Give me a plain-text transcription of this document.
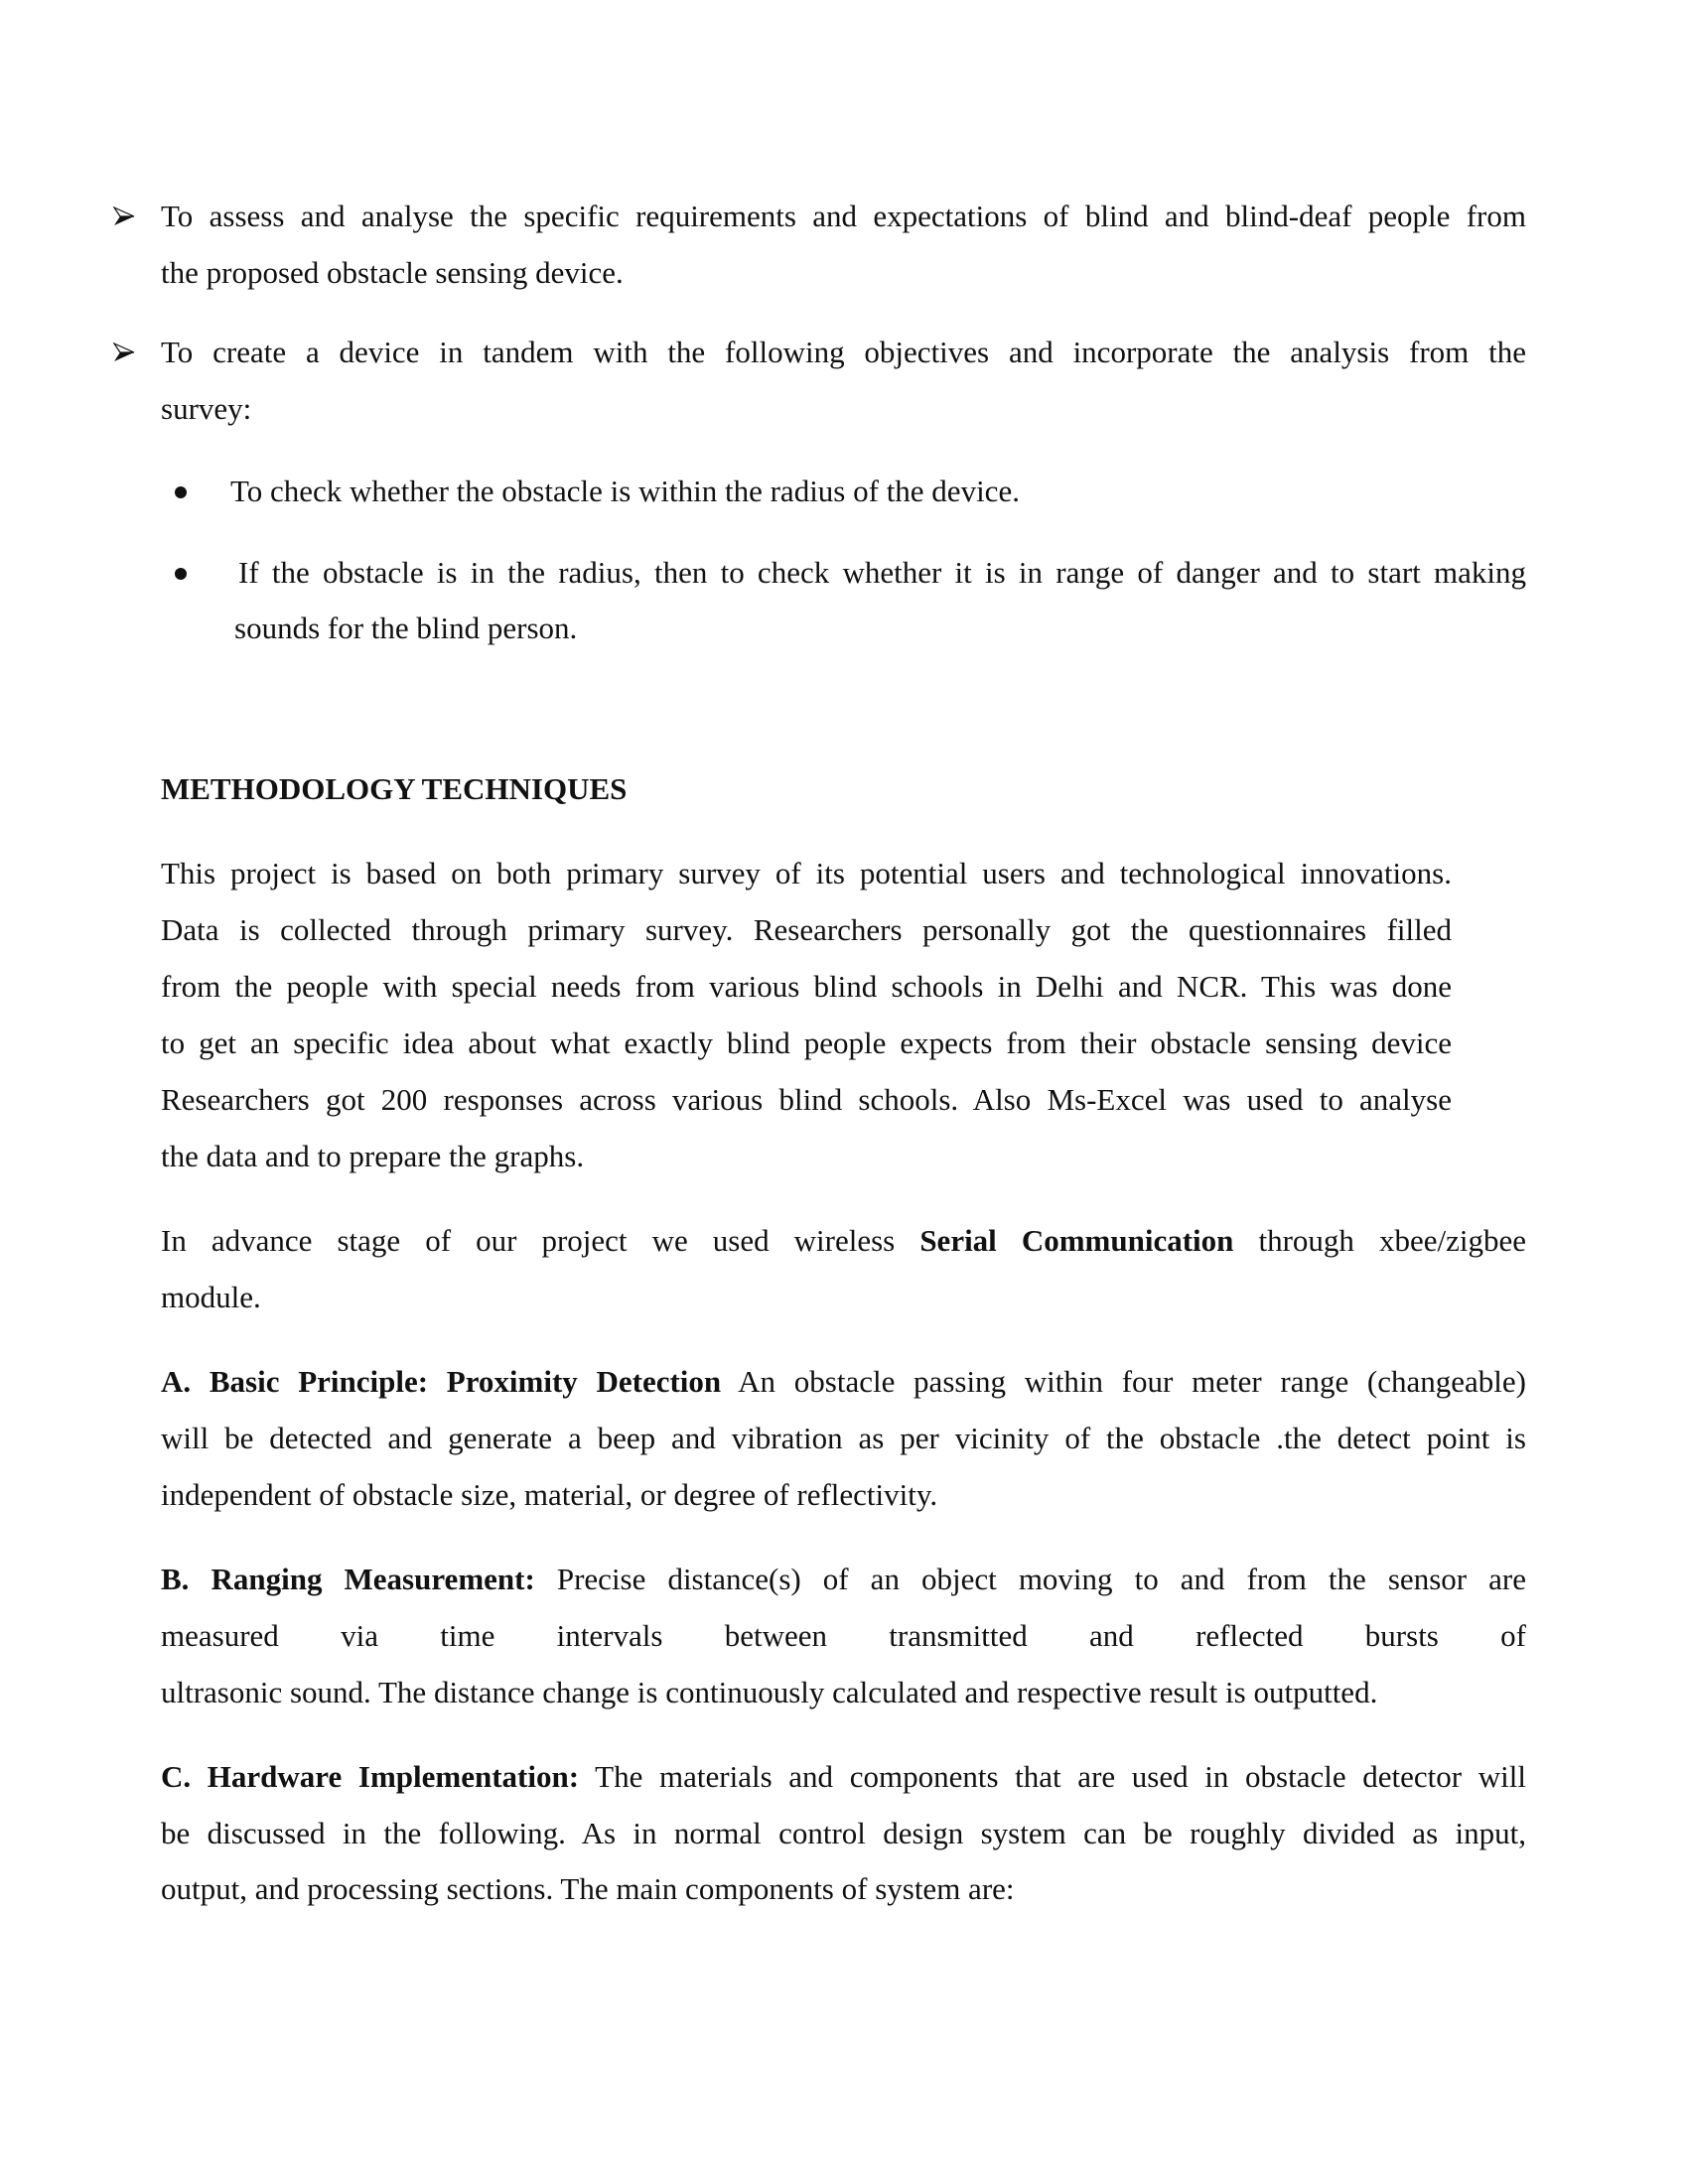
To assess and analyse the specific requirements and expectations of blind and blind-deaf people from
the proposed obstacle sensing device.
To create a device in tandem with the following objectives and incorporate the analysis from the
survey:
To check whether the obstacle is within the radius of the device.
If the obstacle is in the radius, then to check whether it is in range of danger and to start making
sounds for the blind person.
METHODOLOGY TECHNIQUES
This project is based on both primary survey of its potential users and technological innovations.
Data is collected through primary survey. Researchers personally got the questionnaires filled
from the people with special needs from various blind schools in Delhi and NCR. This was done
to get an specific idea about what exactly blind people expects from their obstacle sensing device
Researchers got 200 responses across various blind schools. Also Ms-Excel was used to analyse
the data and to prepare the graphs.
In advance stage of our project we used wireless Serial Communication through xbee/zigbee
module.
A. Basic Principle: Proximity Detection An obstacle passing within four meter range (changeable)
will be detected and generate a beep and vibration as per vicinity of the obstacle .the detect point is
independent of obstacle size, material, or degree of reflectivity.
B. Ranging Measurement: Precise distance(s) of an object moving to and from the sensor are
measured via time intervals between transmitted and reflected bursts of
ultrasonic sound. The distance change is continuously calculated and respective result is outputted.
C. Hardware Implementation: The materials and components that are used in obstacle detector will
be discussed in the following. As in normal control design system can be roughly divided as input,
output, and processing sections. The main components of system are:
